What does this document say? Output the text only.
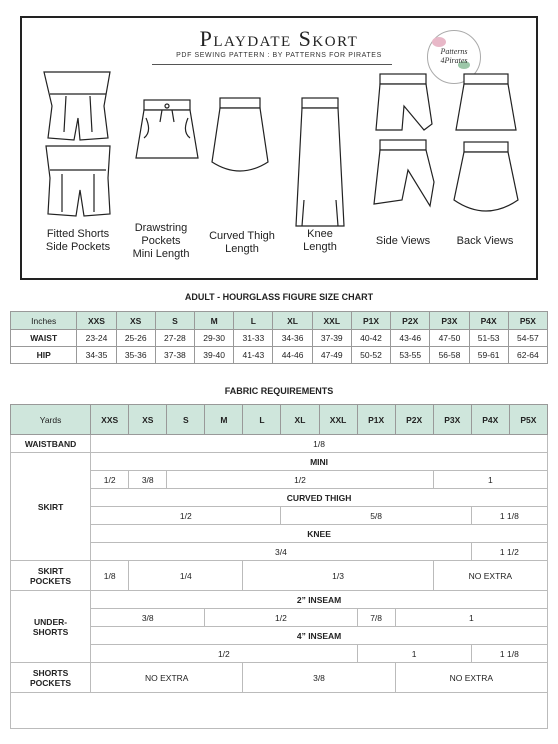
Playdate Skort
PDF SEWING PATTERN : BY PATTERNS FOR PIRATES	Patterns
4Pirates
Fitted Shorts
Side Pockets
Drawstring
Pockets
Mini Length
Curved Thigh
Length
Knee
Length	Side Views	Back Views
ADULT - HOURGLASS FIGURE SIZE CHART
Inches	XXS	XS	S	M	L	XL	XXL	P1X	P2X	P3X	P4X	P5X
WAIST	23-24	25-26	27-28	29-30	31-33	34-36	37-39	40-42	43-46	47-50	51-53	54-57
HIP	34-35	35-36	37-38	39-40	41-43	44-46	47-49	50-52	53-55	56-58	59-61	62-64
FABRIC REQUIREMENTS
Yards	XXS	XS	S	M	L	XL	XXL	P1X	P2X	P3X	P4X	P5X
WAISTBAND	1/8											
SKIRT	MINI											
	1/2	3/8	1/2							1		
	CURVED THIGH											
	1/2					5/8					1 1/8	
	KNEE											
	3/4										1 1/2	

SKIRT
POCKETS	1/8	1/4			1/3					NO EXTRA		

UNDER-
SHORTS	2” INSEAM											
	3/8			1/2				7/8	1			
	4” INSEAM											
	1/2							1			1 1/8	

SHORTS
POCKETS	NO EXTRA				3/8				NO EXTRA			
